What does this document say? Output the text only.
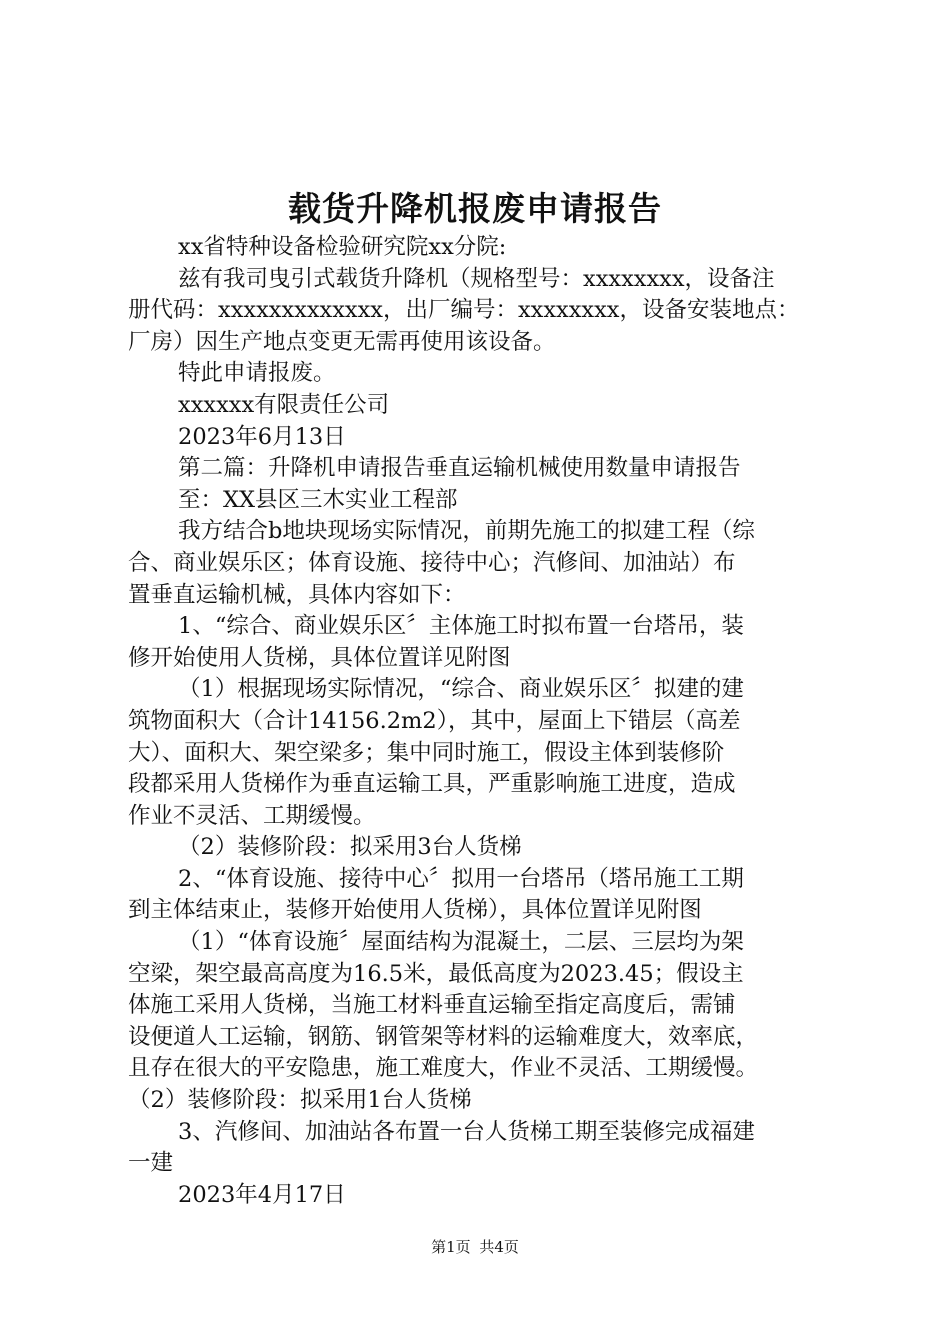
载货升降机报废申请报告

xx省特种设备检验研究院xx分院:

兹有我司曳引式载货升降机（规格型号：xxxxxxxx，设备注

册代码：xxxxxxxxxxxxx，出厂编号：xxxxxxxx，设备安装地点：

厂房）因生产地点变更无需再使用该设备。

特此申请报废。

xxxxxx有限责任公司

2023年6月13日

第二篇：升降机申请报告垂直运输机械使用数量申请报告

至：XX县区三木实业工程部

我方结合b地块现场实际情况，前期先施工的拟建工程（综

合、商业娱乐区；体育设施、接待中心；汽修间、加油站）布

置垂直运输机械，具体内容如下：

1、“综合、商业娱乐区〞主体施工时拟布置一台塔吊，装

修开始使用人货梯，具体位置详见附图

（1）根据现场实际情况，“综合、商业娱乐区〞拟建的建

筑物面积大（合计14156.2m2），其中，屋面上下错层（高差

大）、面积大、架空梁多；集中同时施工，假设主体到装修阶

段都采用人货梯作为垂直运输工具，严重影响施工进度，造成

作业不灵活、工期缓慢。

（2）装修阶段：拟采用3台人货梯

2、“体育设施、接待中心〞拟用一台塔吊（塔吊施工工期

到主体结束止，装修开始使用人货梯），具体位置详见附图

（1）“体育设施〞屋面结构为混凝土，二层、三层均为架

空梁，架空最高高度为16.5米，最低高度为2023.45；假设主

体施工采用人货梯，当施工材料垂直运输至指定高度后，需铺

设便道人工运输，钢筋、钢管架等材料的运输难度大，效率底，

且存在很大的平安隐患，施工难度大，作业不灵活、工期缓慢。

（2）装修阶段：拟采用1台人货梯

3、汽修间、加油站各布置一台人货梯工期至装修完成福建

一建

2023年4月17日

第1页 共4页
